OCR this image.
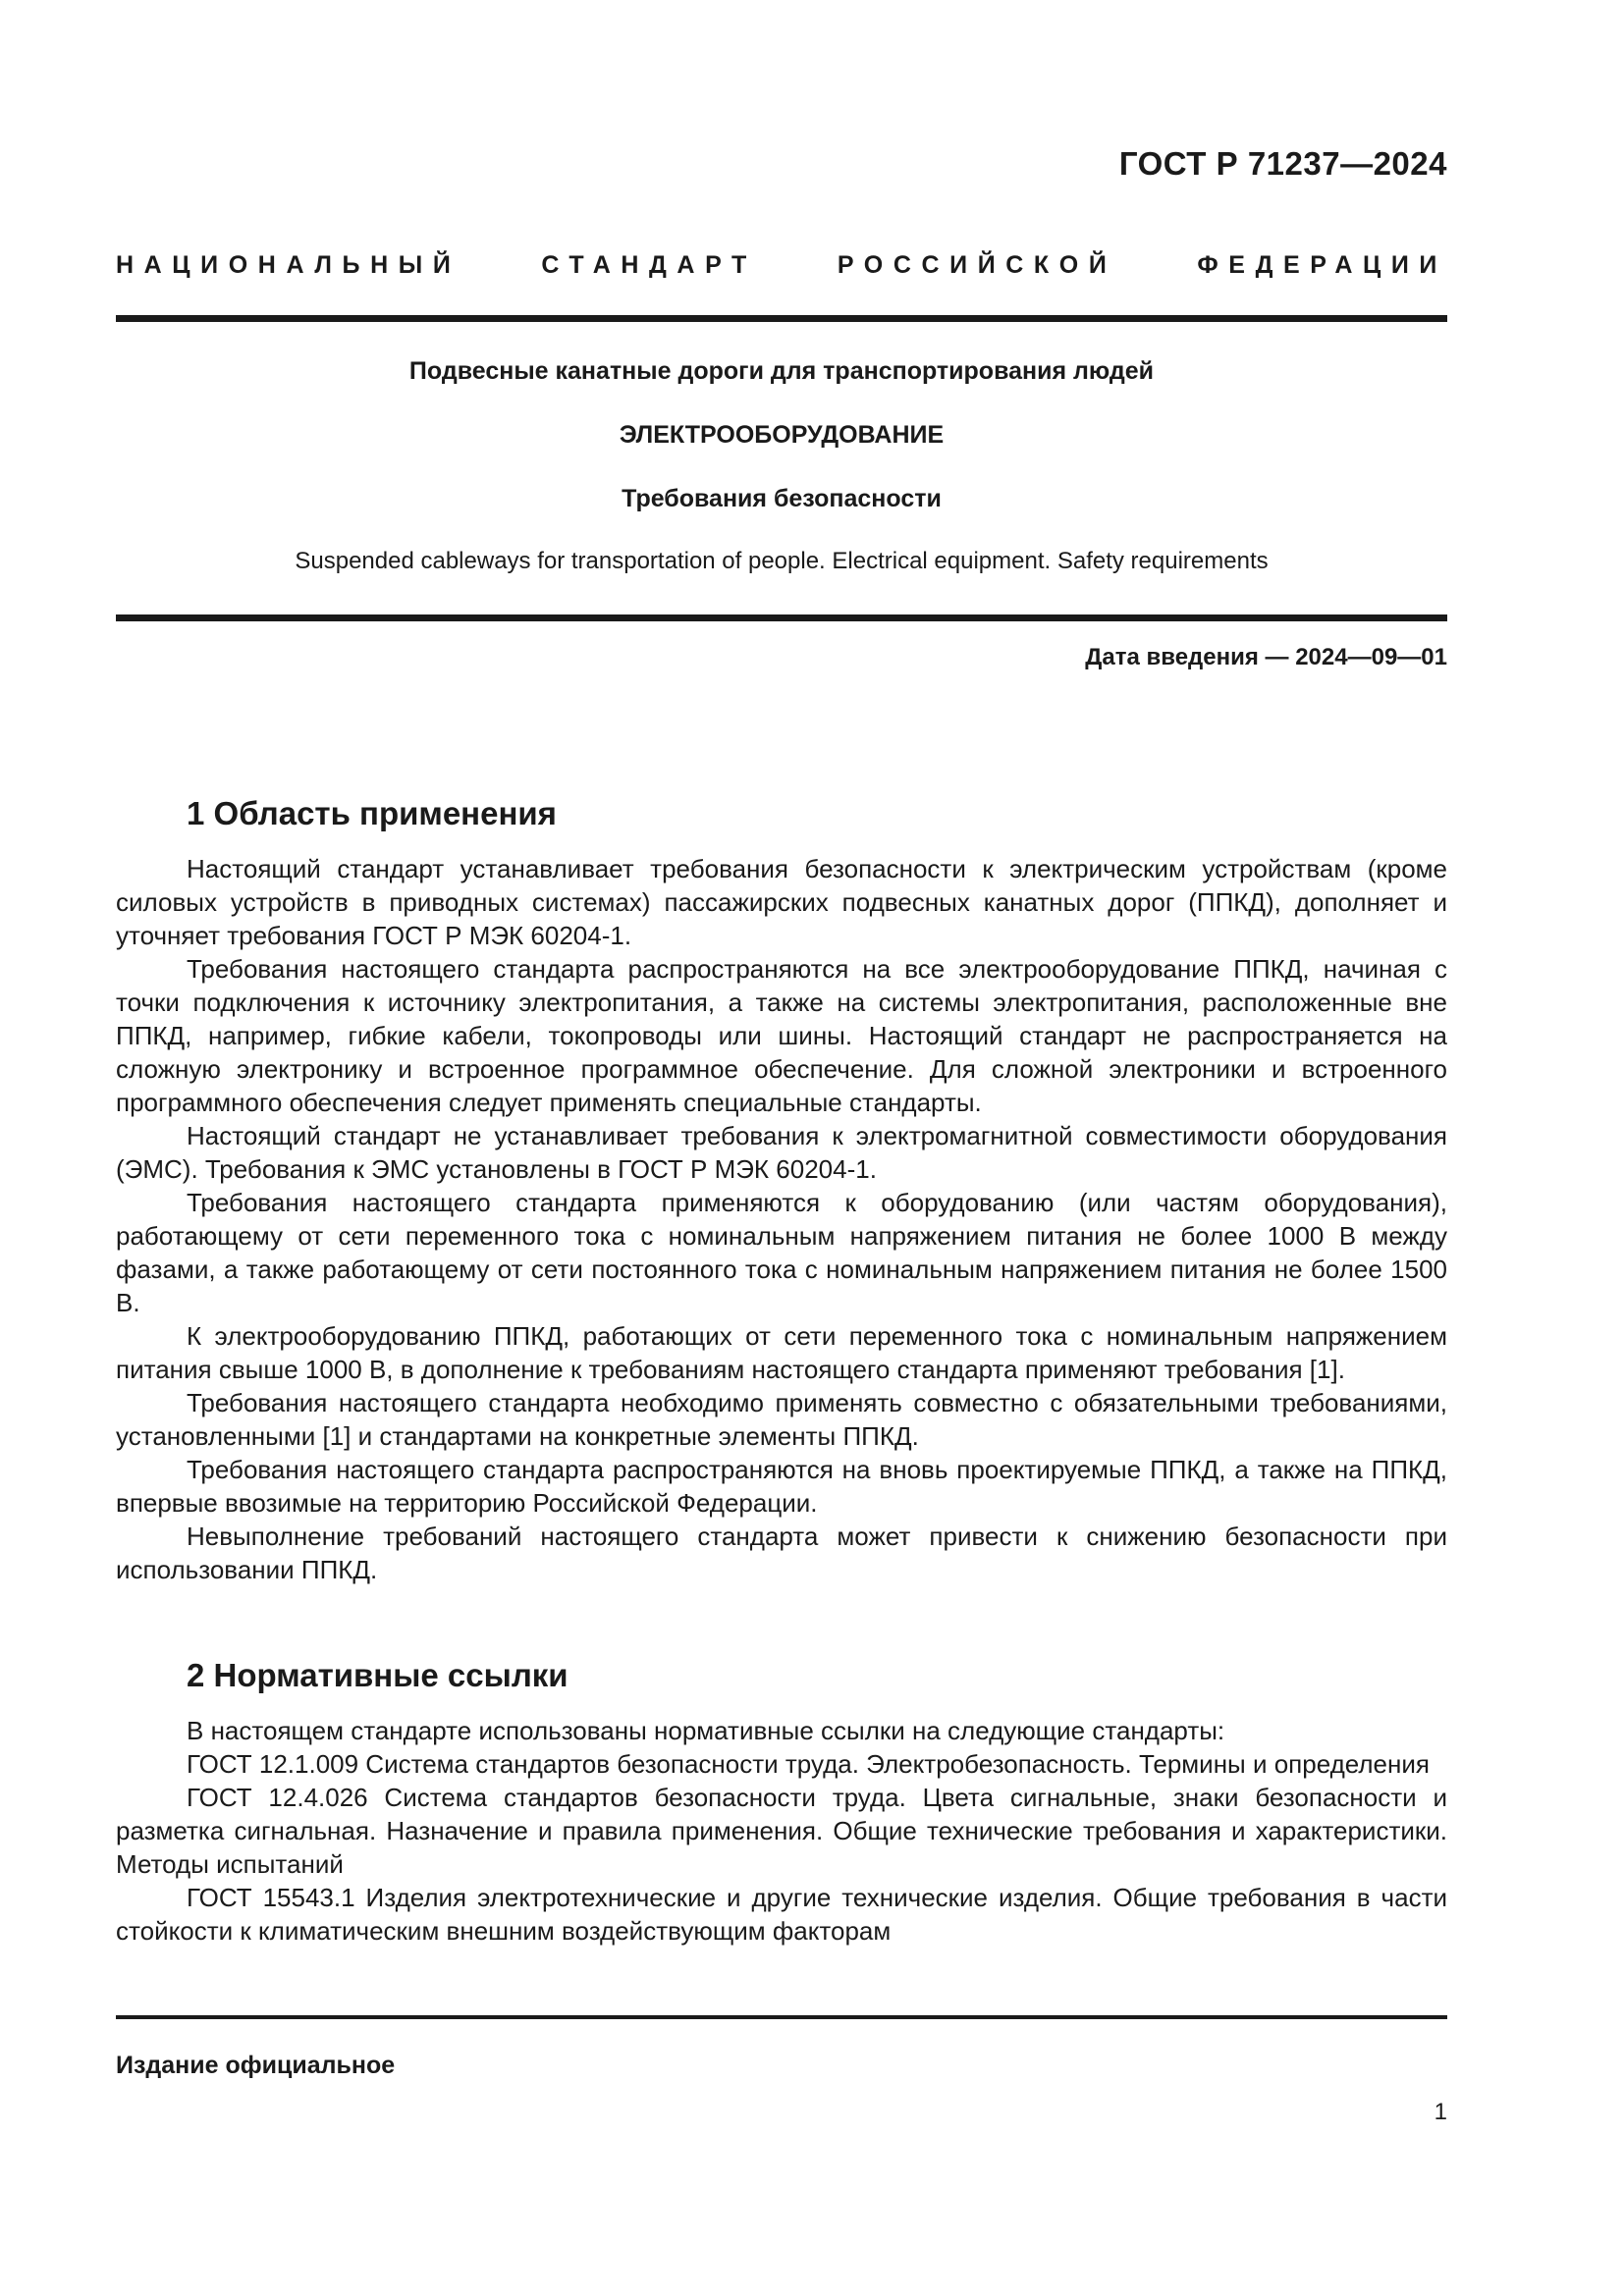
ГОСТ Р 71237—2024
НАЦИОНАЛЬНЫЙ СТАНДАРТ РОССИЙСКОЙ ФЕДЕРАЦИИ
Подвесные канатные дороги для транспортирования людей
ЭЛЕКТРООБОРУДОВАНИЕ
Требования безопасности
Suspended cableways for transportation of people. Electrical equipment. Safety requirements
Дата введения — 2024—09—01
1 Область применения

Настоящий стандарт устанавливает требования безопасности к электрическим устройствам (кроме силовых устройств в приводных системах) пассажирских подвесных канатных дорог (ППКД), дополняет и уточняет требования ГОСТ Р МЭК 60204-1.

Требования настоящего стандарта распространяются на все электрооборудование ППКД, начиная с точки подключения к источнику электропитания, а также на системы электропитания, расположенные вне ППКД, например, гибкие кабели, токопроводы или шины. Настоящий стандарт не распространяется на сложную электронику и встроенное программное обеспечение. Для сложной электроники и встроенного программного обеспечения следует применять специальные стандарты.

Настоящий стандарт не устанавливает требования к электромагнитной совместимости оборудования (ЭМС). Требования к ЭМС установлены в ГОСТ Р МЭК 60204-1.

Требования настоящего стандарта применяются к оборудованию (или частям оборудования), работающему от сети переменного тока с номинальным напряжением питания не более 1000 В между фазами, а также работающему от сети постоянного тока с номинальным напряжением питания не более 1500 В.

К электрооборудованию ППКД, работающих от сети переменного тока с номинальным напряжением питания свыше 1000 В, в дополнение к требованиям настоящего стандарта применяют требования [1].

Требования настоящего стандарта необходимо применять совместно с обязательными требованиями, установленными [1] и стандартами на конкретные элементы ППКД.

Требования настоящего стандарта распространяются на вновь проектируемые ППКД, а также на ППКД, впервые ввозимые на территорию Российской Федерации.

Невыполнение требований настоящего стандарта может привести к снижению безопасности при использовании ППКД.

2 Нормативные ссылки

В настоящем стандарте использованы нормативные ссылки на следующие стандарты:

ГОСТ 12.1.009 Система стандартов безопасности труда. Электробезопасность. Термины и определения

ГОСТ 12.4.026 Система стандартов безопасности труда. Цвета сигнальные, знаки безопасности и разметка сигнальная. Назначение и правила применения. Общие технические требования и характеристики. Методы испытаний

ГОСТ 15543.1 Изделия электротехнические и другие технические изделия. Общие требования в части стойкости к климатическим внешним воздействующим факторам

Издание официальное
1
